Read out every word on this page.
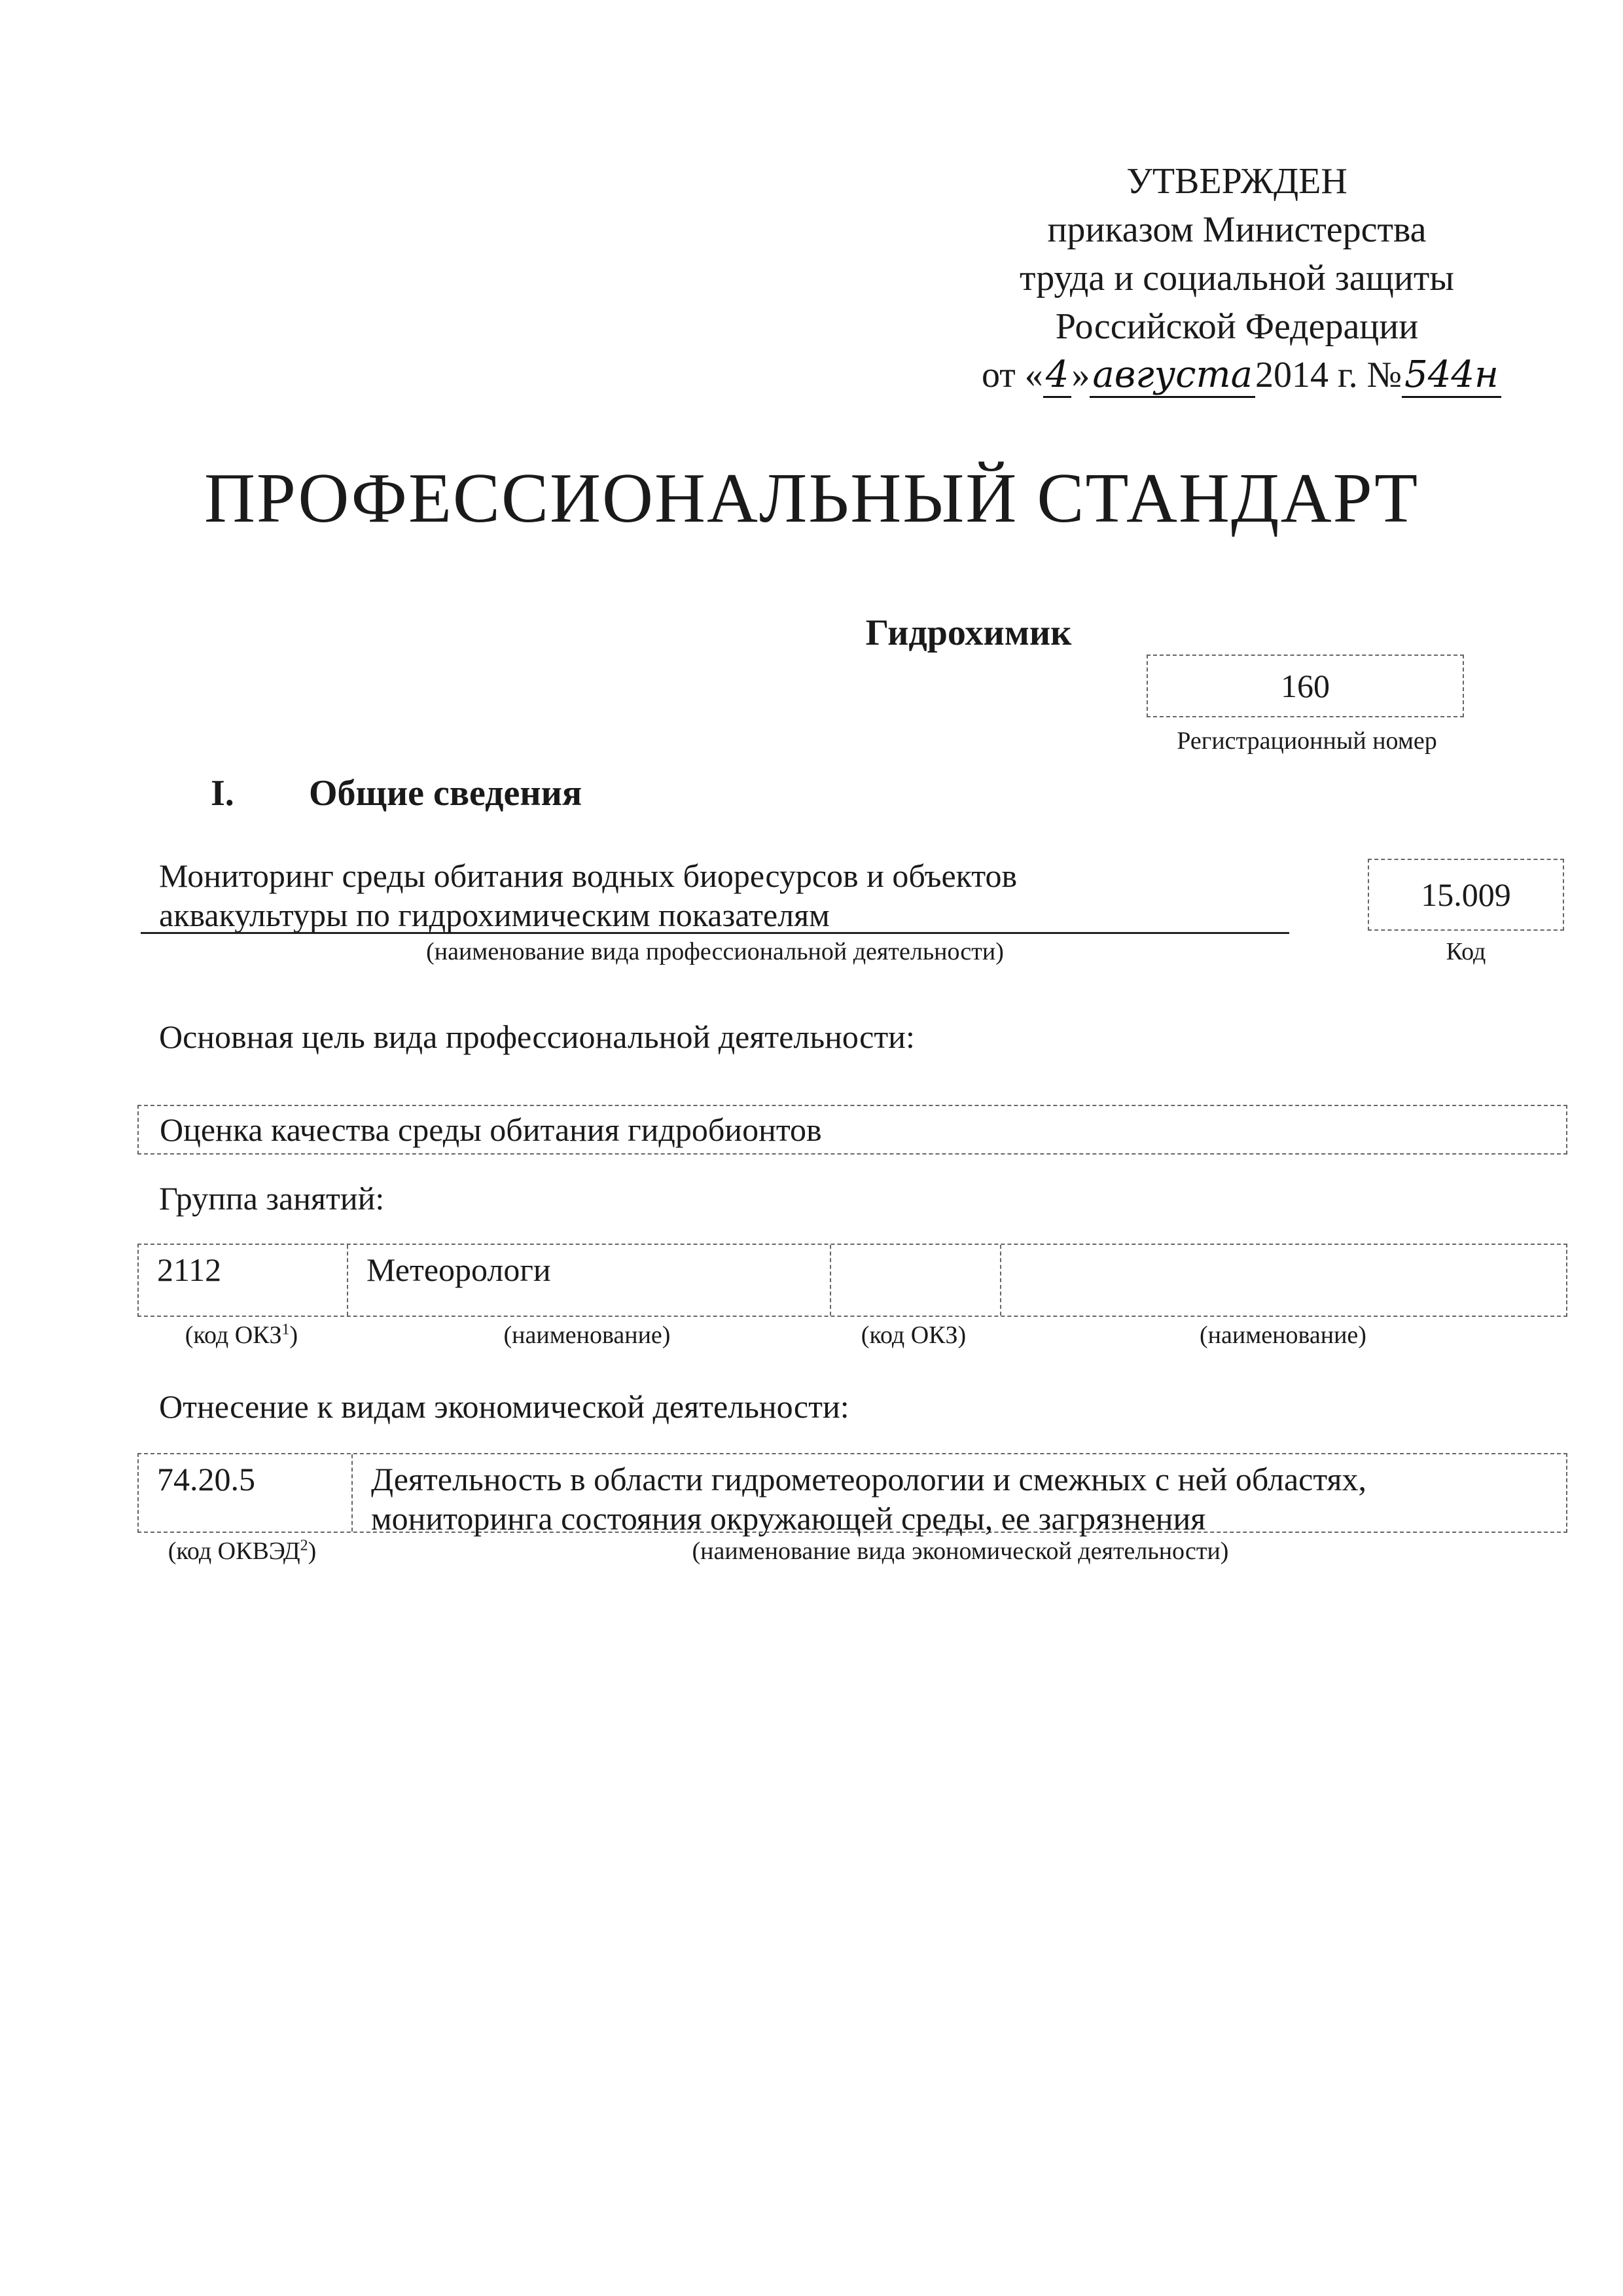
УТВЕРЖДЕН
приказом Министерства
труда и социальной защиты
Российской Федерации
от «4»августа2014 г. №544н
ПРОФЕССИОНАЛЬНЫЙ СТАНДАРТ
Гидрохимик
160
Регистрационный номер
I. Общие сведения
Мониторинг среды обитания водных биоресурсов и объектов
аквакультуры по гидрохимическим показателям
(наименование вида профессиональной деятельности)
15.009
Код
Основная цель вида профессиональной деятельности:
Оценка качества среды обитания гидробионтов
Группа занятий:
2112	Метеорологи
(код ОКЗ$^1$)	(наименование)	(код ОКЗ)	(наименование)
Отнесение к видам экономической деятельности:
74.20.5	Деятельность в области гидрометеорологии и смежных с ней областях,
мониторинга состояния окружающей среды, ее загрязнения
(код ОКВЭД$^2$)	(наименование вида экономической деятельности)
